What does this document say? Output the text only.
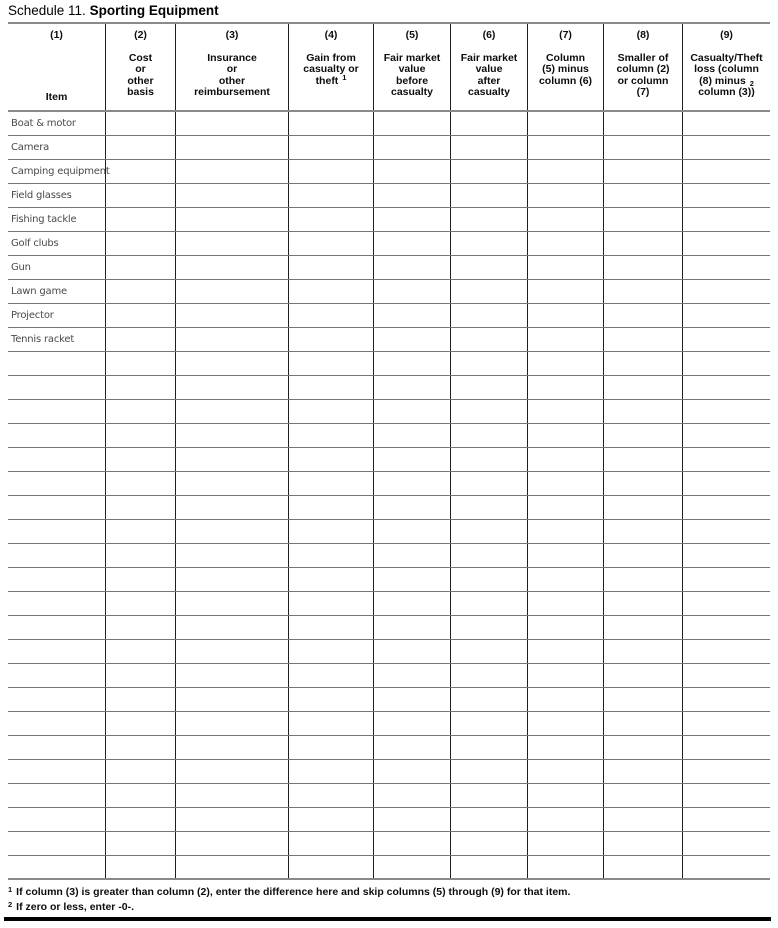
Schedule 11. Sporting Equipment
(1)
Item
(2)
Cost
or
other
basis
(3)
Insurance
or
other
reimbursement
(4)
Gain from
casualty or
theft $^1$
(5)
Fair market
value
before
casualty
(6)
Fair market
value
after
casualty
(7)
Column
(5) minus
column (6)
(8)
Smaller of
column (2)
or column
(7)
(9)
Casualty/Theft
loss (column
(8) minus $_2$
column (3))
Boat & motor
Camera
Camping equipment
Field glasses
Fishing tackle
Golf clubs
Gun
Lawn game
Projector
Tennis racket
$^1$ If column (3) is greater than column (2), enter the difference here and skip columns (5) through (9) for that item.
$^2$ If zero or less, enter -0-.
